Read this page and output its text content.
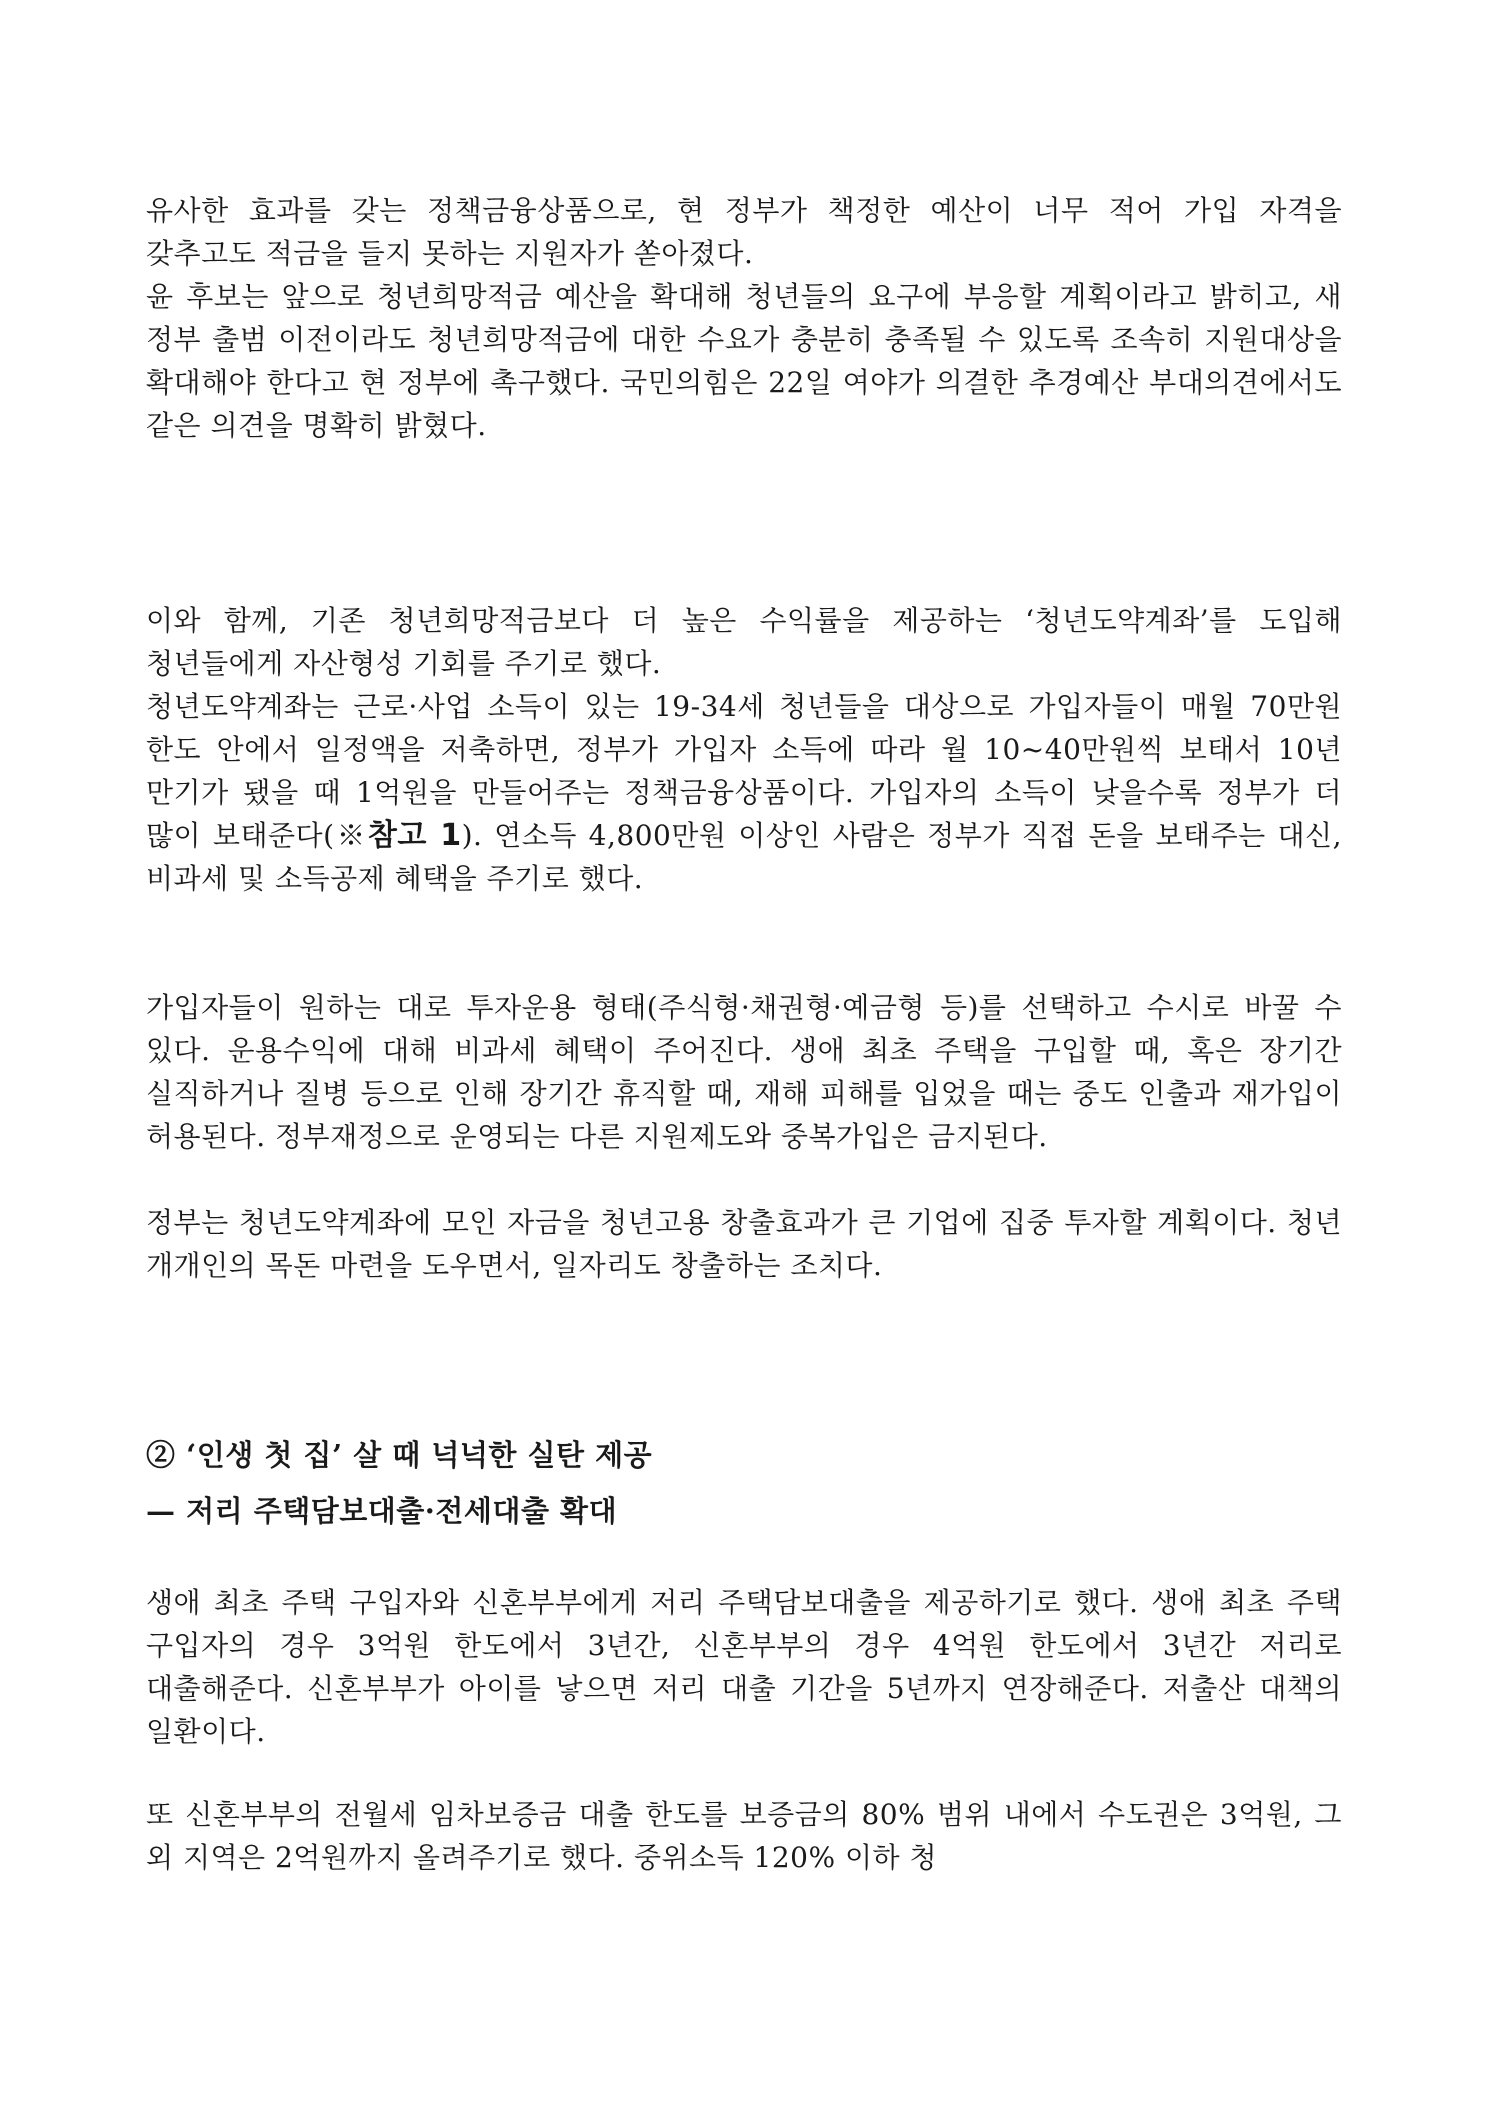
유사한 효과를 갖는 정책금융상품으로, 현 정부가 책정한 예산이 너무 적어 가입 자격을 갖추고도 적금을 들지 못하는 지원자가 쏟아졌다.

윤 후보는 앞으로 청년희망적금 예산을 확대해 청년들의 요구에 부응할 계획이라고 밝히고, 새 정부 출범 이전이라도 청년희망적금에 대한 수요가 충분히 충족될 수 있도록 조속히 지원대상을 확대해야 한다고 현 정부에 촉구했다. 국민의힘은 22일 여야가 의결한 추경예산 부대의견에서도 같은 의견을 명확히 밝혔다.

이와 함께, 기존 청년희망적금보다 더 높은 수익률을 제공하는 ‘청년도약계좌’를 도입해 청년들에게 자산형성 기회를 주기로 했다.

청년도약계좌는 근로·사업 소득이 있는 19-34세 청년들을 대상으로 가입자들이 매월 70만원 한도 안에서 일정액을 저축하면, 정부가 가입자 소득에 따라 월 10~40만원씩 보태서 10년 만기가 됐을 때 1억원을 만들어주는 정책금융상품이다. 가입자의 소득이 낮을수록 정부가 더 많이 보태준다(※참고 1). 연소득 4,800만원 이상인 사람은 정부가 직접 돈을 보태주는 대신, 비과세 및 소득공제 혜택을 주기로 했다.

가입자들이 원하는 대로 투자운용 형태(주식형·채권형·예금형 등)를 선택하고 수시로 바꿀 수 있다. 운용수익에 대해 비과세 혜택이 주어진다. 생애 최초 주택을 구입할 때, 혹은 장기간 실직하거나 질병 등으로 인해 장기간 휴직할 때, 재해 피해를 입었을 때는 중도 인출과 재가입이 허용된다. 정부재정으로 운영되는 다른 지원제도와 중복가입은 금지된다.

정부는 청년도약계좌에 모인 자금을 청년고용 창출효과가 큰 기업에 집중 투자할 계획이다. 청년 개개인의 목돈 마련을 도우면서, 일자리도 창출하는 조치다.

② ‘인생 첫 집’ 살 때 넉넉한 실탄 제공

— 저리 주택담보대출·전세대출 확대

생애 최초 주택 구입자와 신혼부부에게 저리 주택담보대출을 제공하기로 했다. 생애 최초 주택 구입자의 경우 3억원 한도에서 3년간, 신혼부부의 경우 4억원 한도에서 3년간 저리로 대출해준다. 신혼부부가 아이를 낳으면 저리 대출 기간을 5년까지 연장해준다. 저출산 대책의 일환이다.

또 신혼부부의 전월세 임차보증금 대출 한도를 보증금의 80% 범위 내에서 수도권은 3억원, 그 외 지역은 2억원까지 올려주기로 했다. 중위소득 120% 이하 청
